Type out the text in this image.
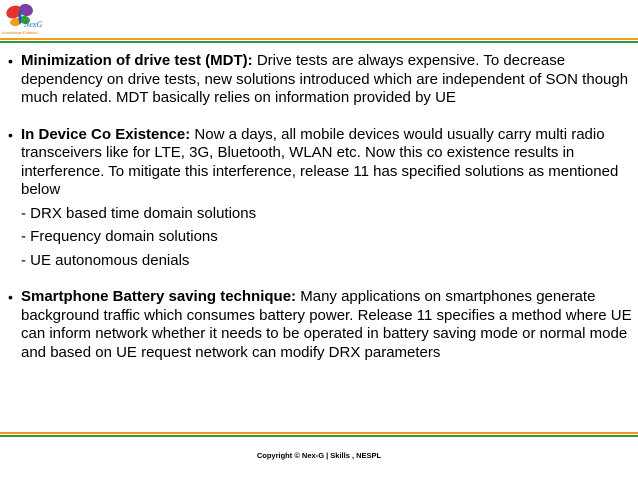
NexG
Knowledge Enabled
• Minimization of drive test (MDT): Drive tests are always expensive. To decrease dependency on drive tests, new solutions introduced which are independent of SON though much related. MDT basically relies on information provided by UE
• In Device Co Existence: Now a days, all mobile devices would usually carry multi radio transceivers like for LTE, 3G, Bluetooth, WLAN etc. Now this co existence results in interference. To mitigate this interference, release 11 has specified solutions as mentioned below
- DRX based time domain solutions
- Frequency domain solutions
- UE autonomous denials
• Smartphone Battery saving technique: Many applications on smartphones generate background traffic which consumes battery power. Release 11 specifies a method where UE can inform network whether it needs to be operated in battery saving mode or normal mode and based on UE request network can modify DRX parameters
Copyright © Nex-G | Skills , NESPL
